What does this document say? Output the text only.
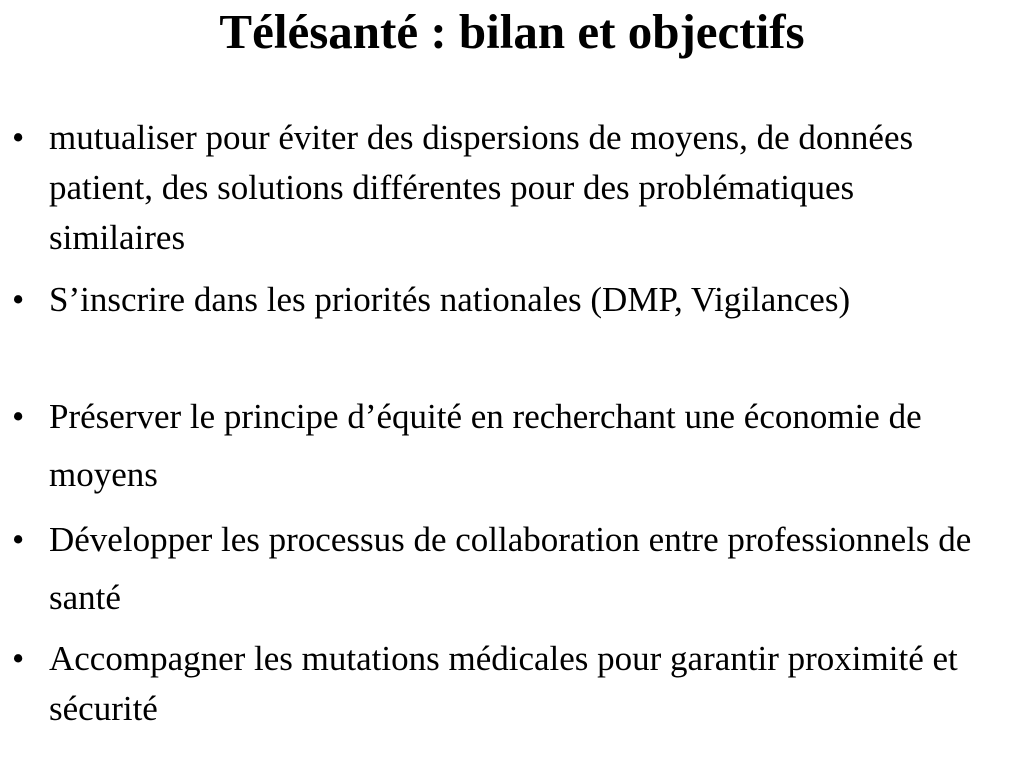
Télésanté : bilan et objectifs
• mutualiser pour éviter des dispersions de moyens, de données patient, des solutions différentes pour des problématiques similaires
• S’inscrire dans les priorités nationales (DMP, Vigilances)
• Préserver le principe d’équité en recherchant une économie de moyens
• Développer les processus de collaboration entre professionnels de santé
• Accompagner les mutations médicales pour garantir proximité et sécurité
